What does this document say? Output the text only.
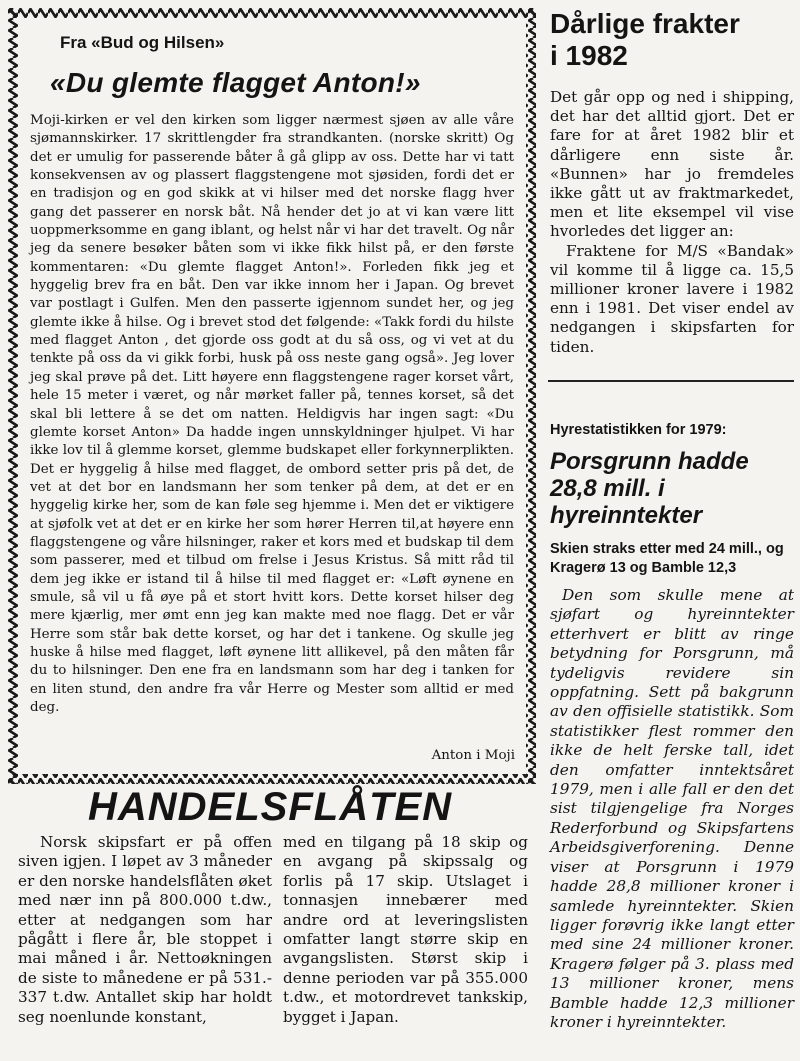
Fra «Bud og Hilsen»
«Du glemte flagget Anton!»

Moji-kirken er vel den kirken som ligger nærmest sjøen av alle våre sjømannskirker. 17 skrittlengder fra strandkanten. (norske skritt) Og det er umulig for passerende båter å gå glipp av oss. Dette har vi tatt konsekvensen av og plassert flaggstengene mot sjøsiden, fordi det er en tradisjon og en god skikk at vi hilser med det norske flagg hver gang det passerer en norsk båt. Nå hender det jo at vi kan være litt uoppmerksomme en gang iblant, og helst når vi har det travelt. Og når jeg da senere besøker båten som vi ikke fikk hilst på, er den første kommentaren: «Du glemte flagget Anton!». Forleden fikk jeg et hyggelig brev fra en båt. Den var ikke innom her i Japan. Og brevet var postlagt i Gulfen. Men den passerte igjennom sundet her, og jeg glemte ikke å hilse. Og i brevet stod det følgende: «Takk fordi du hilste med flagget Anton , det gjorde oss godt at du så oss, og vi vet at du tenkte på oss da vi gikk forbi, husk på oss neste gang også». Jeg lover jeg skal prøve på det. Litt høyere enn flaggstengene rager korset vårt, hele 15 meter i været, og når mørket faller på, tennes korset, så det skal bli lettere å se det om natten. Heldigvis har ingen sagt: «Du glemte korset Anton» Da hadde ingen unnskyldninger hjulpet. Vi har ikke lov til å glemme korset, glemme budskapet eller forkynnerplikten. Det er hyggelig å hilse med flagget, de ombord setter pris på det, de vet at det bor en landsmann her som tenker på dem, at det er en hyggelig kirke her, som de kan føle seg hjemme i. Men det er viktigere at sjøfolk vet at det er en kirke her som hører Herren til,at høyere enn flaggstengene og våre hilsninger, raker et kors med et budskap til dem som passerer, med et tilbud om frelse i Jesus Kristus. Så mitt råd til dem jeg ikke er istand til å hilse til med flagget er: «Løft øynene en smule, så vil u få øye på et stort hvitt kors. Dette korset hilser deg mere kjærlig, mer ømt enn jeg kan makte med noe flagg. Det er vår Herre som står bak dette korset, og har det i tankene. Og skulle jeg huske å hilse med flagget, løft øynene litt allikevel, på den måten får du to hilsninger. Den ene fra en landsmann som har deg i tanken for en liten stund, den andre fra vår Herre og Mester som alltid er med deg.

Anton i Moji
HANDELSFLÅTEN

Norsk skipsfart er på offen siven igjen. I løpet av 3 måneder er den norske handelsflåten øket med nær inn på 800.000 t.dw., etter at nedgangen som har pågått i flere år, ble stoppet i mai måned i år. Nettoøkningen de siste to månedene er på 531.- 337 t.dw. Antallet skip har holdt seg noenlunde konstant,

med en tilgang på 18 skip og en avgang på skipssalg og forlis på 17 skip. Utslaget i tonnasjen innebærer med andre ord at leveringslisten omfatter langt større skip en avgangslisten. Størst skip i denne perioden var på 355.000 t.dw., et motordrevet tankskip, bygget i Japan.

Dårlige frakter
i 1982

Det går opp og ned i shipping, det har det alltid gjort. Det er fare for at året 1982 blir et dårligere enn siste år. «Bunnen» har jo fremdeles ikke gått ut av fraktmarkedet, men et lite eksempel vil vise hvorledes det ligger an:

Fraktene for M/S «Bandak» vil komme til å ligge ca. 15,5 millioner kroner lavere i 1982 enn i 1981. Det viser endel av nedgangen i skipsfarten for tiden.

Hyrestatistikken for 1979:
Porsgrunn hadde 28,8 mill. i hyreinntekter
Skien straks etter med 24 mill., og Kragerø 13 og Bamble 12,3

Den som skulle mene at sjøfart og hyreinntekter etterhvert er blitt av ringe betydning for Porsgrunn, må tydeligvis revidere sin oppfatning. Sett på bakgrunn av den offisielle statistikk. Som statistikker flest rommer den ikke de helt ferske tall, idet den omfatter inntektsåret 1979, men i alle fall er den det sist tilgjengelige fra Norges Rederforbund og Skipsfartens Arbeidsgiverforening. Denne viser at Porsgrunn i 1979 hadde 28,8 millioner kroner i samlede hyreinntekter. Skien ligger forøvrig ikke langt etter med sine 24 millioner kroner. Kragerø følger på 3. plass med 13 millioner kroner, mens Bamble hadde 12,3 millioner kroner i hyreinntekter.
